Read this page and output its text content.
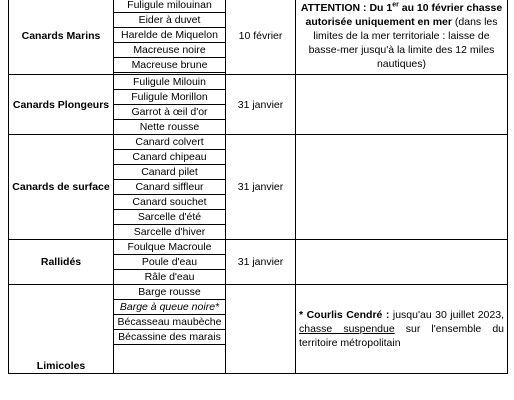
Canards Marins	Fuligule milouinan	10 février	ATTENTION : Du 1er au 10 février chasse autorisée uniquement en mer (dans les limites de la mer territoriale : laisse de basse-mer jusqu'à la limite des 12 miles nautiques)
	Eider à duvet		
	Harelde de Miquelon		
	Macreuse noire		
	Macreuse brune		

Canards Plongeurs	Fuligule Milouin	31 janvier	
	Fuligule Morillon		
	Garrot à œil d'or		
	Nette rousse		
Canards de surface	Canard colvert	31 janvier	
	Canard chipeau		
	Canard pilet		
	Canard siffleur		
	Canard souchet		
	Sarcelle d'été		
	Sarcelle d'hiver		
Rallidés	Foulque Macroule	31 janvier	
	Poule d'eau		
	Râle d'eau		
Limicoles	Barge rousse		* Courlis Cendré : jusqu'au 30 juillet 2023, chasse suspendue sur l'ensemble du territoire métropolitain
	Barge à queue noire*		
	Bécasseau maubèche		
	Bécassine des marais		
